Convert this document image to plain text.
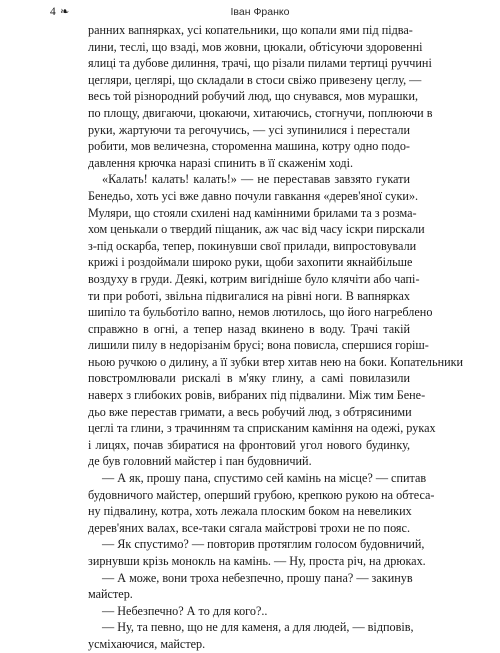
4 ❧	Іван Франко
ранних вапнярках, усі копательники, що копали ями під підва-
лини, теслі, що взаді, мов жовни, цюкали, обтісуючи здоровенні
ялиці та дубове дилиння, трачі, що різали пилами тертиці руччині
цегляри, цеглярі, що складали в стоси свіжо привезену цеглу, —
весь той різнородний робучий люд, що снувався, мов мурашки,
по площу, двигаючи, цюкаючи, хитаючись, стогнучи, поплюючи в
руки, жартуючи та регочучись, — усі зупинилися і перестали
робити, мов величезна, стороменна машина, котру одно подо-
давлення крючка наразі спинить в її скаженім ході.
«Калать! калать! калать!» — не переставав завзято гукати
Бенедьо, хоть усі вже давно почули гавкання «дерев'яної суки».
Муляри, що стояли схилені над камінними брилами та з розма-
хом ценькали о твердий піщаник, аж час від часу іскри пирскали
з-під оскарба, тепер, покинувши свої прилади, випростовували
крижі і роздоймали широко руки, щоби захопити якнайбільше
воздуху в груди. Деякі, котрим вигідніше було клячіти або чапі-
ти при роботі, звільна підвигалися на рівні ноги. В вапнярках
шипіло та бульботіло вапно, немов лютилось, що його нагреблено
справжно в огні, а тепер назад вкинено в воду. Трачі такій
лишили пилу в недорізанім брусі; вона повисла, спершися горіш-
ньою ручкою о дилину, а її зубки втер хитав нею на боки. Копательники
повстромлювали рискалі в м'яку глину, а самі повилазили
наверх з глибоких ровів, вибраних під підвалини. Між тим Бене-
дьо вже перестав гримати, а весь робучий люд, з обтрясиними
цеглі та глини, з трачинням та сприсканим каміння на одежі, руках
і лицях, почав збиратися на фронтовий угол нового будинку,
де був головний майстер і пан будовничий.
— А як, прошу пана, спустимо сей камінь на місце? — спитав
будовничого майстер, оперший грубою, крепкою рукою на обтеса-
ну підвалину, котра, хоть лежала плоским боком на невеликих
дерев'яних валах, все-таки сягала майстрові трохи не по пояс.
— Як спустимо? — повторив протяглим голосом будовничий,
зирнувши крізь монокль на камінь. — Ну, проста річ, на дрюках.
— А може, вони троха небезпечно, прошу пана? — закинув
майстер.
— Небезпечно? А то для кого?..
— Ну, та певно, що не для каменя, а для людей, — відповів,
усміхаючися, майстер.
